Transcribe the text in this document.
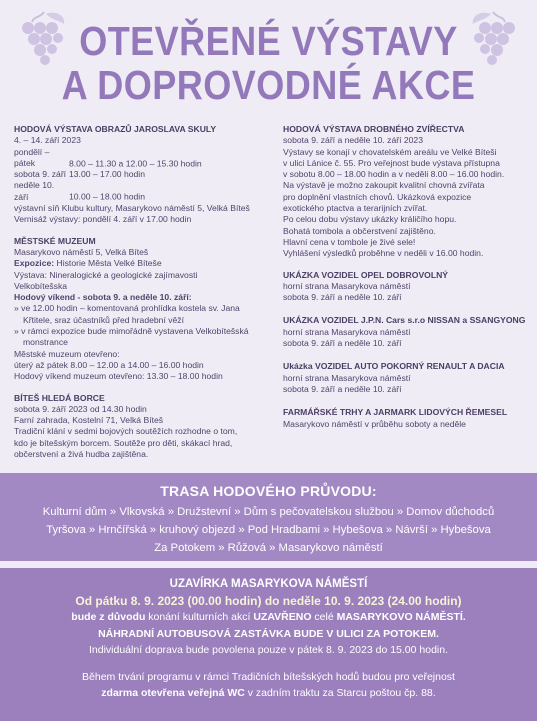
OTEVŘENÉ VÝSTAVY
A DOPROVODNÉ AKCE
HODOVÁ VÝSTAVA OBRAZŮ JAROSLAVA SKULY
4. – 14. září 2023
pondělí – pátek	8.00 – 11.30 a 12.00 – 15.30 hodin
sobota 9. září 13.00 – 17.00 hodin
neděle 10. září	10.00 – 18.00 hodin
výstavní síň Klubu kultury, Masarykovo náměstí 5, Velká Bíteš
Vernisáž výstavy: pondělí 4. září v 17.00 hodin
MĚSTSKÉ MUZEUM
Masarykovo náměstí 5, Velká Bíteš
Expozice: Historie Města Velké Bíteše
Výstava: Nineralogické a geologické zajímavosti
Velkobítešska
Hodový víkend - sobota 9. a neděle 10. září:
» ve 12.00 hodin – komentovaná prohlídka kostela sv. Jana
Křtitele, sraz účastníků před hradební věží
» v rámci expozice bude mimořádně vystavena Velkobítešská
monstrance
Městské muzeum otevřeno:
úterý až pátek 8.00 – 12.00 a 14.00 – 16.00 hodin
Hodový víkend muzeum otevřeno: 13.30 – 18.00 hodin
BÍTEŠ HLEDÁ BORCE
sobota 9. září 2023 od 14.30 hodin
Farní zahrada, Kostelní 71, Velká Bíteš
Tradiční klání v sedmi bojových soutěžích rozhodne o tom,
kdo je bítešským borcem. Soutěže pro děti, skákací hrad,
občerstvení a živá hudba zajištěna.
HODOVÁ VÝSTAVA DROBNÉHO ZVÍŘECTVA
sobota 9. září a neděle 10. září 2023
Výstavy se konají v chovatelském areálu ve Velké Bíteši
v ulici Lánice č. 55. Pro veřejnost bude výstava přístupna
v sobotu 8.00 – 18.00 hodin a v neděli 8.00 – 16.00 hodin.
Na výstavě je možno zakoupit kvalitní chovná zvířata
pro doplnění vlastních chovů. Ukázková expozice
exotického ptactva a terarijních zvířat.
Po celou dobu výstavy ukázky králičího hopu.
Bohatá tombola a občerstvení zajištěno.
Hlavní cena v tombole je živé sele!
Vyhlášení výsledků proběhne v neděli v 16.00 hodin.
UKÁZKA VOZIDEL OPEL DOBROVOLNÝ
horní strana Masarykova náměstí
sobota 9. září a neděle 10. září
UKÁZKA VOZIDEL J.P.N. Cars s.r.o NISSAN a SSANGYONG
horní strana Masarykova náměstí
sobota 9. září a neděle 10. září
Ukázka VOZIDEL AUTO POKORNÝ RENAULT A DACIA
horní strana Masarykova náměstí
sobota 9. září a neděle 10. září
FARMÁŘSKÉ TRHY A JARMARK LIDOVÝCH ŘEMESEL
Masarykovo náměstí v průběhu soboty a neděle
TRASA HODOVÉHO PRŮVODU:
Kulturní dům » Vlkovská » Družstevní » Dům s pečovatelskou službou » Domov důchodců
Tyršova » Hrnčířská » kruhový objezd » Pod Hradbami » Hybešova » Návrší » Hybešova
Za Potokem » Růžová » Masarykovo náměstí
UZAVÍRKA MASARYKOVA NÁMĚSTÍ
Od pátku 8. 9. 2023 (00.00 hodin) do neděle 10. 9. 2023 (24.00 hodin)
bude z důvodu konání kulturních akcí UZAVŘENO celé MASARYKOVO NÁMĚSTÍ.
NÁHRADNÍ AUTOBUSOVÁ ZASTÁVKA BUDE V ULICI ZA POTOKEM.
Individuální doprava bude povolena pouze v pátek 8. 9. 2023 do 15.00 hodin.
Během trvání programu v rámci Tradičních bítešských hodů budou pro veřejnost
zdarma otevřena veřejná WC v zadním traktu za Starcu poštou čp. 88.
